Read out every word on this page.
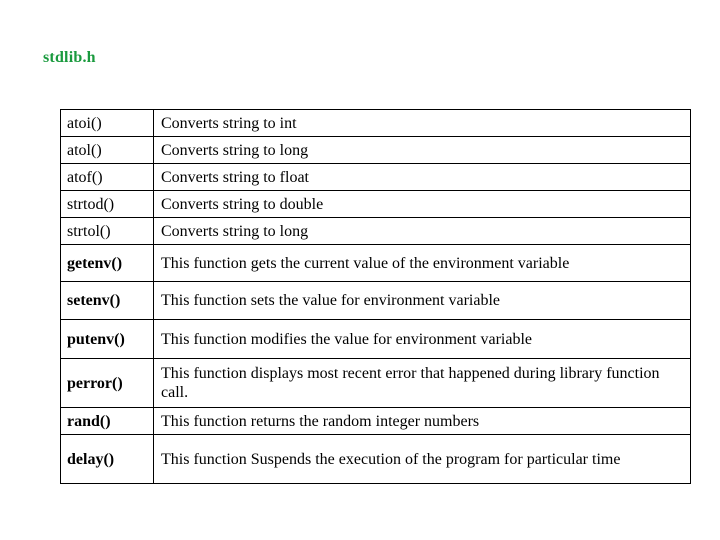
stdlib.h
atoi()	Converts string to int
atol()	Converts string to long
atof()	Converts string to float
strtod()	Converts string to double
strtol()	Converts string to long
getenv()	This function gets the current value of the environment variable
setenv()	This function sets the value for environment variable
putenv()	This function modifies the value for environment variable
perror()	This function displays most recent error that happened during library function call.
rand()	This function returns the random integer numbers
delay()	This function Suspends the execution of the program for particular time
